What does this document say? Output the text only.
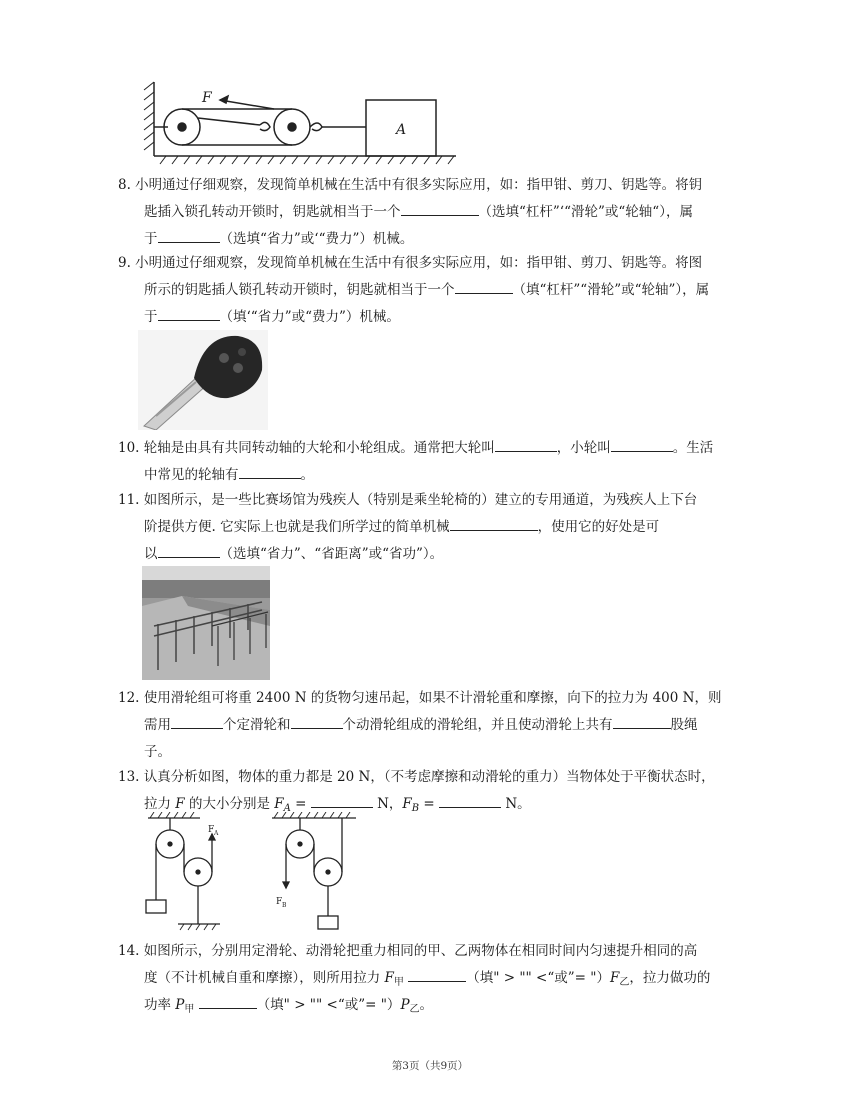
F
A
8. 小明通过仔细观察，发现简单机械在生活中有很多实际应用，如：指甲钳、剪刀、钥匙等。将钥
匙插入锁孔转动开锁时，钥匙就相当于一个	（选填“杠杆”‘“滑轮”或“轮轴“），属
于	（选填“省力”或‘“费力”）机械。
9. 小明通过仔细观察，发现简单机械在生活中有很多实际应用，如：指甲钳、剪刀、钥匙等。将图
所示的钥匙插人锁孔转动开锁时，钥匙就相当于一个	（填“杠杆”“滑轮”或“轮轴”），属
于	（填‘“省力”或“费力”）机械。
10. 轮轴是由具有共同转动轴的大轮和小轮组成。通常把大轮叫	，小轮叫	。生活
中常见的轮轴有	。
11. 如图所示，是一些比赛场馆为残疾人（特别是乘坐轮椅的）建立的专用通道，为残疾人上下台
阶提供方便. 它实际上也就是我们所学过的简单机械	，使用它的好处是可
以	（选填“省力”、“省距离”或“省功”）。
12. 使用滑轮组可将重 2400 N 的货物匀速吊起，如果不计滑轮重和摩擦，向下的拉力为 400 N，则
需用	个定滑轮和	个动滑轮组成的滑轮组，并且使动滑轮上共有	股绳
子。
13. 认真分析如图，物体的重力都是 20 N，（不考虑摩擦和动滑轮的重力）当物体处于平衡状态时，
拉力 F 的大小分别是 $F_A$ =	N，$F_B$ =	N。
F A
F B
14. 如图所示，分别用定滑轮、动滑轮把重力相同的甲、乙两物体在相同时间内匀速提升相同的高
度（不计机械自重和摩擦），则所用拉力 $F_甲$	（填" > "" <“或”= "）$F_乙$，拉力做功的
功率 $P_甲$	（填" > "" <“或”= "）$P_乙$。
第3页（共9页）
